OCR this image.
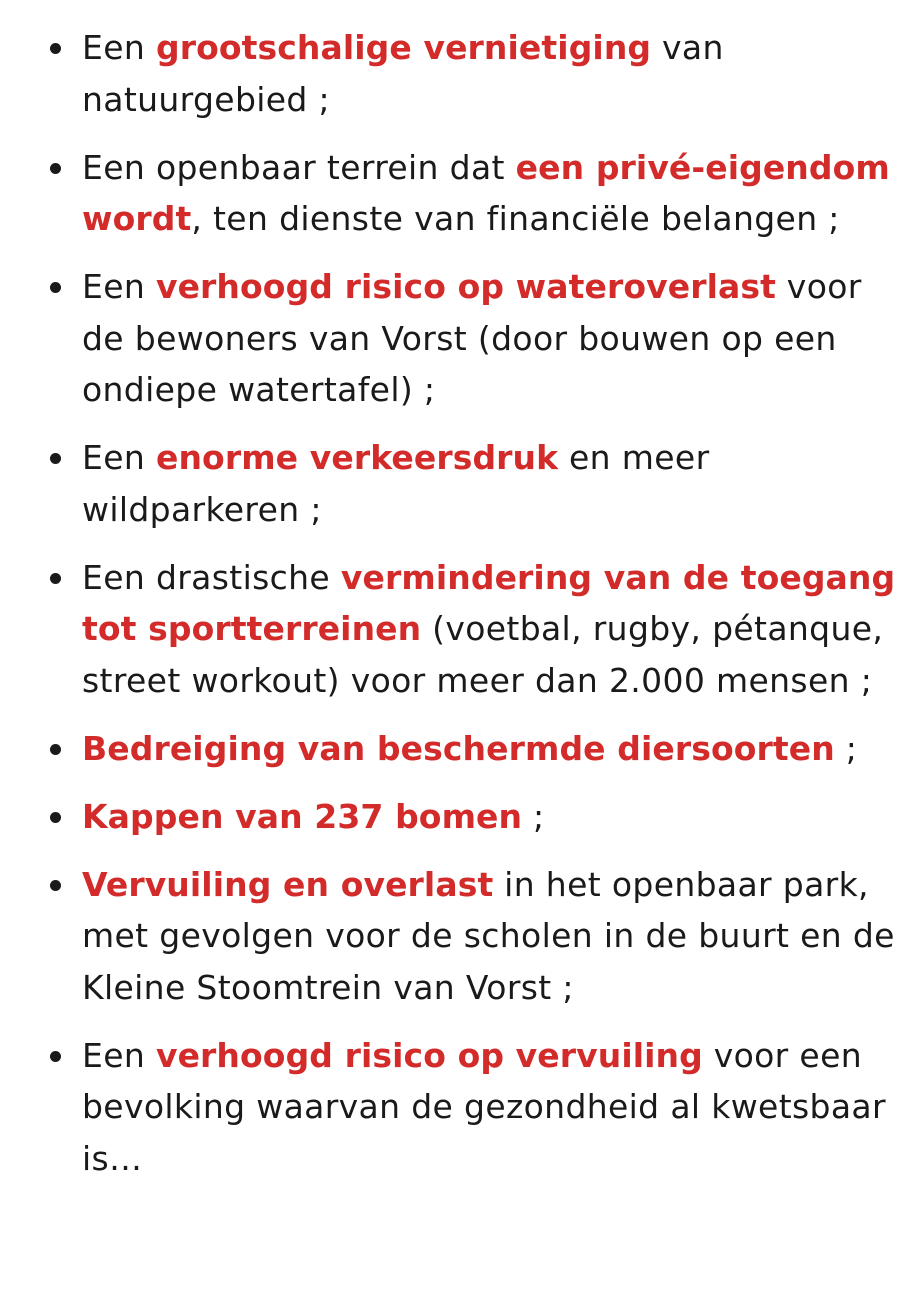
Een grootschalige vernietiging van natuurgebied ;
Een openbaar terrein dat een privé-eigendom wordt, ten dienste van financiële belangen ;
Een verhoogd risico op wateroverlast voor de bewoners van Vorst (door bouwen op een ondiepe watertafel) ;
Een enorme verkeersdruk en meer wildparkeren ;
Een drastische vermindering van de toegang tot sportterreinen (voetbal, rugby, pétanque, street workout) voor meer dan 2.000 mensen ;
Bedreiging van beschermde diersoorten ;
Kappen van 237 bomen ;
Vervuiling en overlast in het openbaar park, met gevolgen voor de scholen in de buurt en de Kleine Stoomtrein van Vorst ;
Een verhoogd risico op vervuiling voor een bevolking waarvan de gezondheid al kwetsbaar is…
